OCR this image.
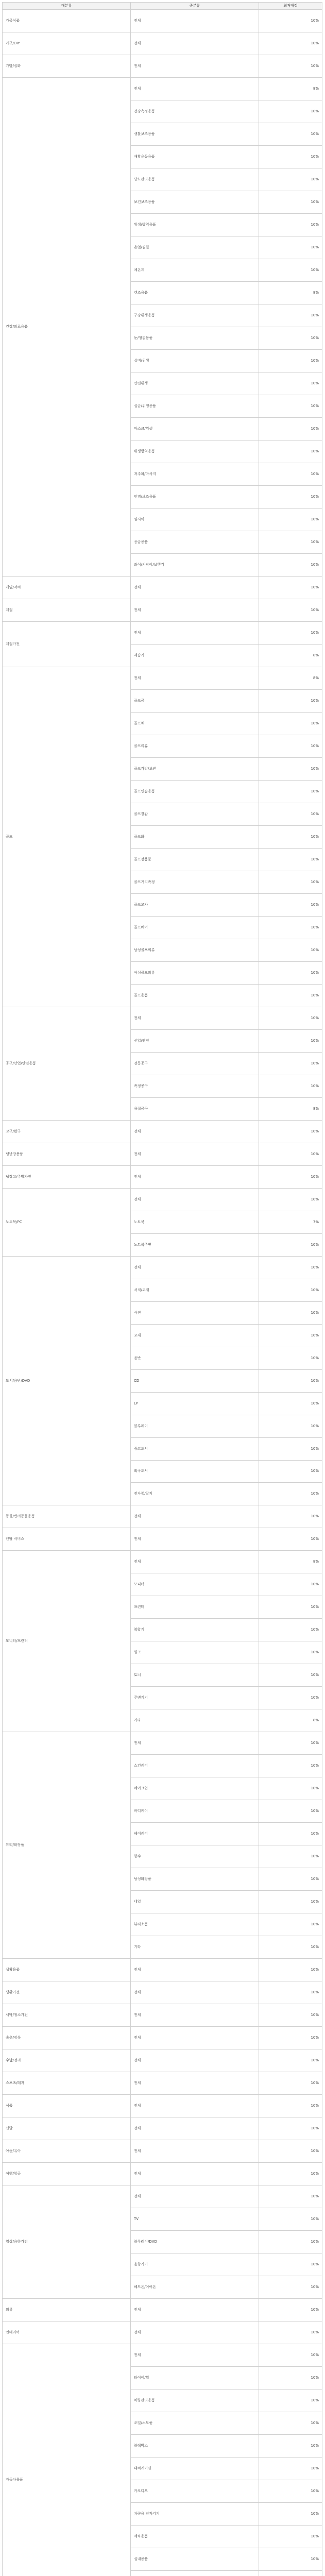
대분류	중분류	최저배정
가공식품	전체	10%
가구/DIY	전체	10%
가방/잡화	전체	10%
건강/의료용품
전체	8%
건강측정용품	10%
생활보조용품	10%
재활운동용품	10%
당뇨관리용품	10%
보건보조용품	10%
위생/방역용품	10%
온열/찜질	10%
체온계	10%
렌즈용품	8%
구강위생용품	10%
눈/청결용품	10%
실버/위생	10%
안전위생	10%
실금/위생용품	10%
마스크/위생	10%
위생방역용품	10%
저주파/마사지	10%
안경/보조용품	10%
임시이	10%
응급용품	10%
좌석/지팡이/보행기	10%
게임/서비	전체	10%
계절	전체	10%
계절가전
전체	10%
제습기	8%
골프
전체	8%
골프공	10%
골프채	10%
골프의류	10%
골프가방/보관	10%
골프연습용품	10%
골프장갑	10%
골프화	10%
골프장용품	10%
골프거리측정	10%
골프모자	10%
골프웨어	10%
남성골프의류	10%
여성골프의류	10%
골프용품	10%
공구/산업/안전용품
전체	10%
산업/안전	10%
전동공구	10%
측정공구	10%
용접공구	8%
교구/완구	전체	10%
냉난방용품	전체	10%
냉장고/주방가전	전체	10%
노트북/PC
전체	10%
노트북	7%
노트북주변	10%
도서/음반/DVD
전체	10%
서적/교재	10%
사진	10%
교재	10%
음반	10%
CD	10%
LP	10%
블루레이	10%
중고도서	10%
외국도서	10%
전자책/잡지	10%
동물/반려동물용품	전체	10%
렌탈 서비스	전체	10%
모니터/프린터
전체	8%
모니터	10%
프린터	10%
복합기	10%
잉크	10%
토너	10%
주변기기	10%
기타	8%
뷰티/화장품
전체	10%
스킨케어	10%
메이크업	10%
바디케어	10%
헤어케어	10%
향수	10%
남성화장품	10%
네일	10%
뷰티소품	10%
기타	10%
생활용품	전체	10%
생활가전	전체	10%
세탁/청소가전	전체	10%
속옷/잠옷	전체	10%
수납/정리	전체	10%
스포츠/레저	전체	10%
식품	전체	10%
신발	전체	10%
아동/유아	전체	10%
여행/항공	전체	10%
영상/음향가전
전체	10%
TV	10%
블루레이/DVD	10%
음향기기	10%
헤드폰/이어폰	10%
의류	전체	10%
인테리어	전체	10%
자동차용품
전체	10%
타이어/휠	10%
차량관리용품	10%
오일/소모품	10%
블랙박스	10%
내비게이션	10%
카오디오	10%
차량용 전자기기	10%
세차용품	10%
실내용품	10%
